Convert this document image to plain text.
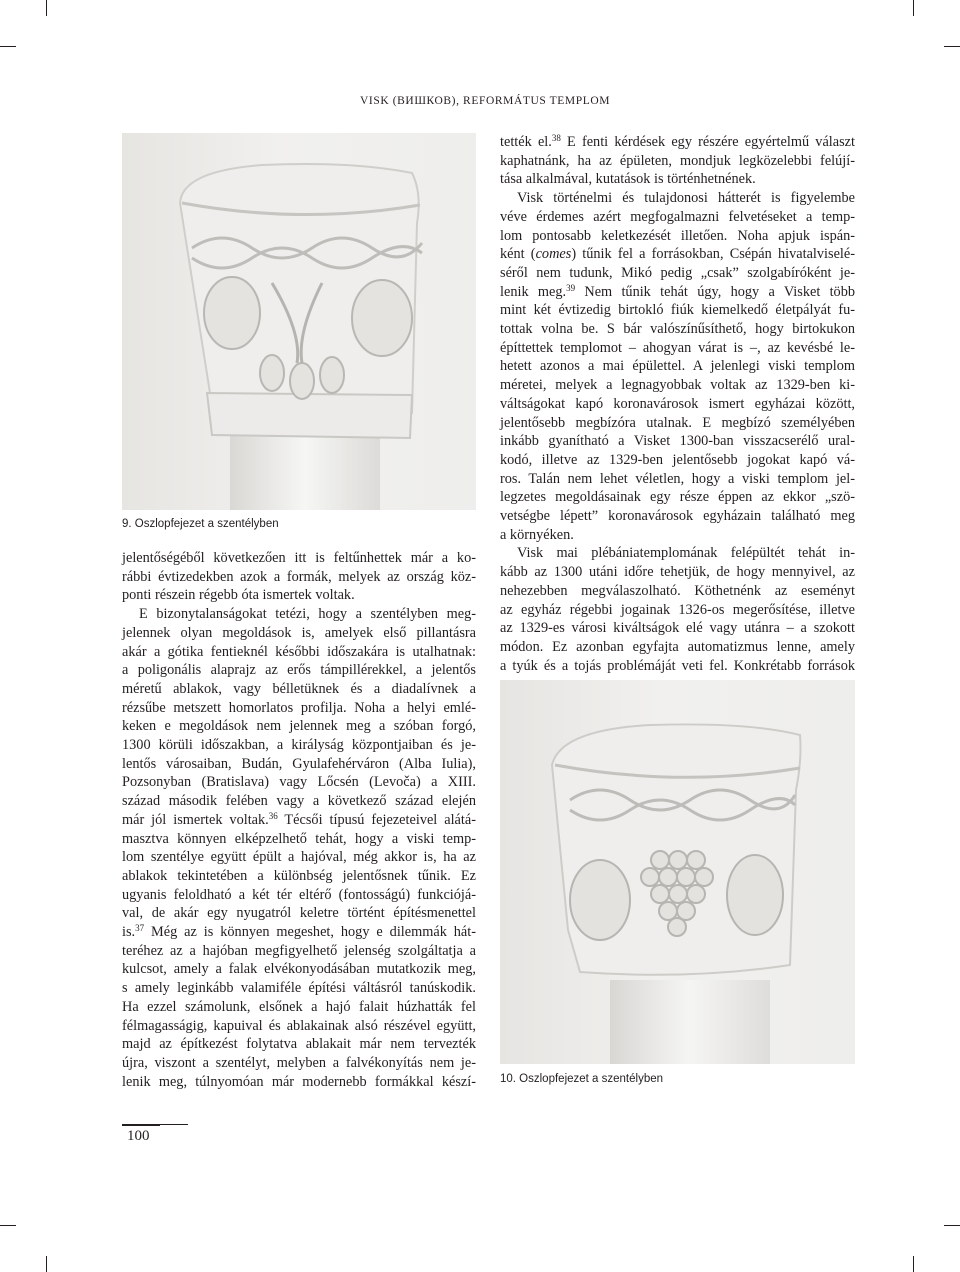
VISK (ВИШКОВ), REFORMÁTUS TEMPLOM
9. Oszlopfejezet a szentélyben
10. Oszlopfejezet a szentélyben
jelentőségéből következően itt is feltűnhettek már a ko-
rábbi évtizedekben azok a formák, melyek az ország köz-
ponti részein régebb óta ismertek voltak.
E bizonytalanságokat tetézi, hogy a szentélyben meg-
jelennek olyan megoldások is, amelyek első pillantásra
akár a gótika fentieknél későbbi időszakára is utalhatnak:
a poligonális alaprajz az erős támpillérekkel, a jelentős
méretű ablakok, vagy bélletüknek és a diadalívnek a
rézsűbe metszett homorlatos profilja. Noha a helyi emlé-
keken e megoldások nem jelennek meg a szóban forgó,
1300 körüli időszakban, a királyság központjaiban és je-
lentős városaiban, Budán, Gyulafehérváron (Alba Iulia),
Pozsonyban (Bratislava) vagy Lőcsén (Levoča) a XIII.
század második felében vagy a következő század elején
már jól ismertek voltak.$^{36}$ Técsői típusú fejezeteivel alátá-
masztva könnyen elképzelhető tehát, hogy a viski temp-
lom szentélye együtt épült a hajóval, még akkor is, ha az
ablakok tekintetében a különbség jelentősnek tűnik. Ez
ugyanis feloldható a két tér eltérő (fontosságú) funkciójá-
val, de akár egy nyugatról keletre történt építésmenettel
is.$^{37}$ Még az is könnyen megeshet, hogy e dilemmák hát-
teréhez az a hajóban megfigyelhető jelenség szolgáltatja a
kulcsot, amely a falak elvékonyodásában mutatkozik meg,
s amely leginkább valamiféle építési váltásról tanúskodik.
Ha ezzel számolunk, elsőnek a hajó falait húzhatták fel
félmagasságig, kapuival és ablakainak alsó részével együtt,
majd az építkezést folytatva ablakait már nem tervezték
újra, viszont a szentélyt, melyben a falvékonyítás nem je-
lenik meg, túlnyomóan már modernebb formákkal készí-
tették el.$^{38}$ E fenti kérdések egy részére egyértelmű választ
kaphatnánk, ha az épületen, mondjuk legközelebbi felújí-
tása alkalmával, kutatások is történhetnének.
Visk történelmi és tulajdonosi hátterét is figyelembe
véve érdemes azért megfogalmazni felvetéseket a temp-
lom pontosabb keletkezését illetően. Noha apjuk ispán-
ként (comes) tűnik fel a forrásokban, Csépán hivatalviselé-
séről nem tudunk, Mikó pedig „csak” szolgabíróként je-
lenik meg.$^{39}$ Nem tűnik tehát úgy, hogy a Visket több
mint két évtizedig birtokló fiúk kiemelkedő életpályát fu-
tottak volna be. S bár valószínűsíthető, hogy birtokukon
építtettek templomot – ahogyan várat is –, az kevésbé le-
hetett azonos a mai épülettel. A jelenlegi viski templom
méretei, melyek a legnagyobbak voltak az 1329-ben ki-
váltságokat kapó koronavárosok ismert egyházai között,
jelentősebb megbízóra utalnak. E megbízó személyében
inkább gyanítható a Visket 1300-ban visszacserélő ural-
kodó, illetve az 1329-ben jelentősebb jogokat kapó vá-
ros. Talán nem lehet véletlen, hogy a viski templom jel-
legzetes megoldásainak egy része éppen az ekkor „szö-
vetségbe lépett” koronavárosok egyházain található meg
a környéken.
Visk mai plébániatemplomának felépültét tehát in-
kább az 1300 utáni időre tehetjük, de hogy mennyivel, az
nehezebben megválaszolható. Köthetnénk az eseményt
az egyház régebbi jogainak 1326-os megerősítése, illetve
az 1329-es városi kiváltságok elé vagy utánra – a szokott
módon. Ez azonban egyfajta automatizmus lenne, amely
a tyúk és a tojás problémáját veti fel. Konkrétabb források
100
